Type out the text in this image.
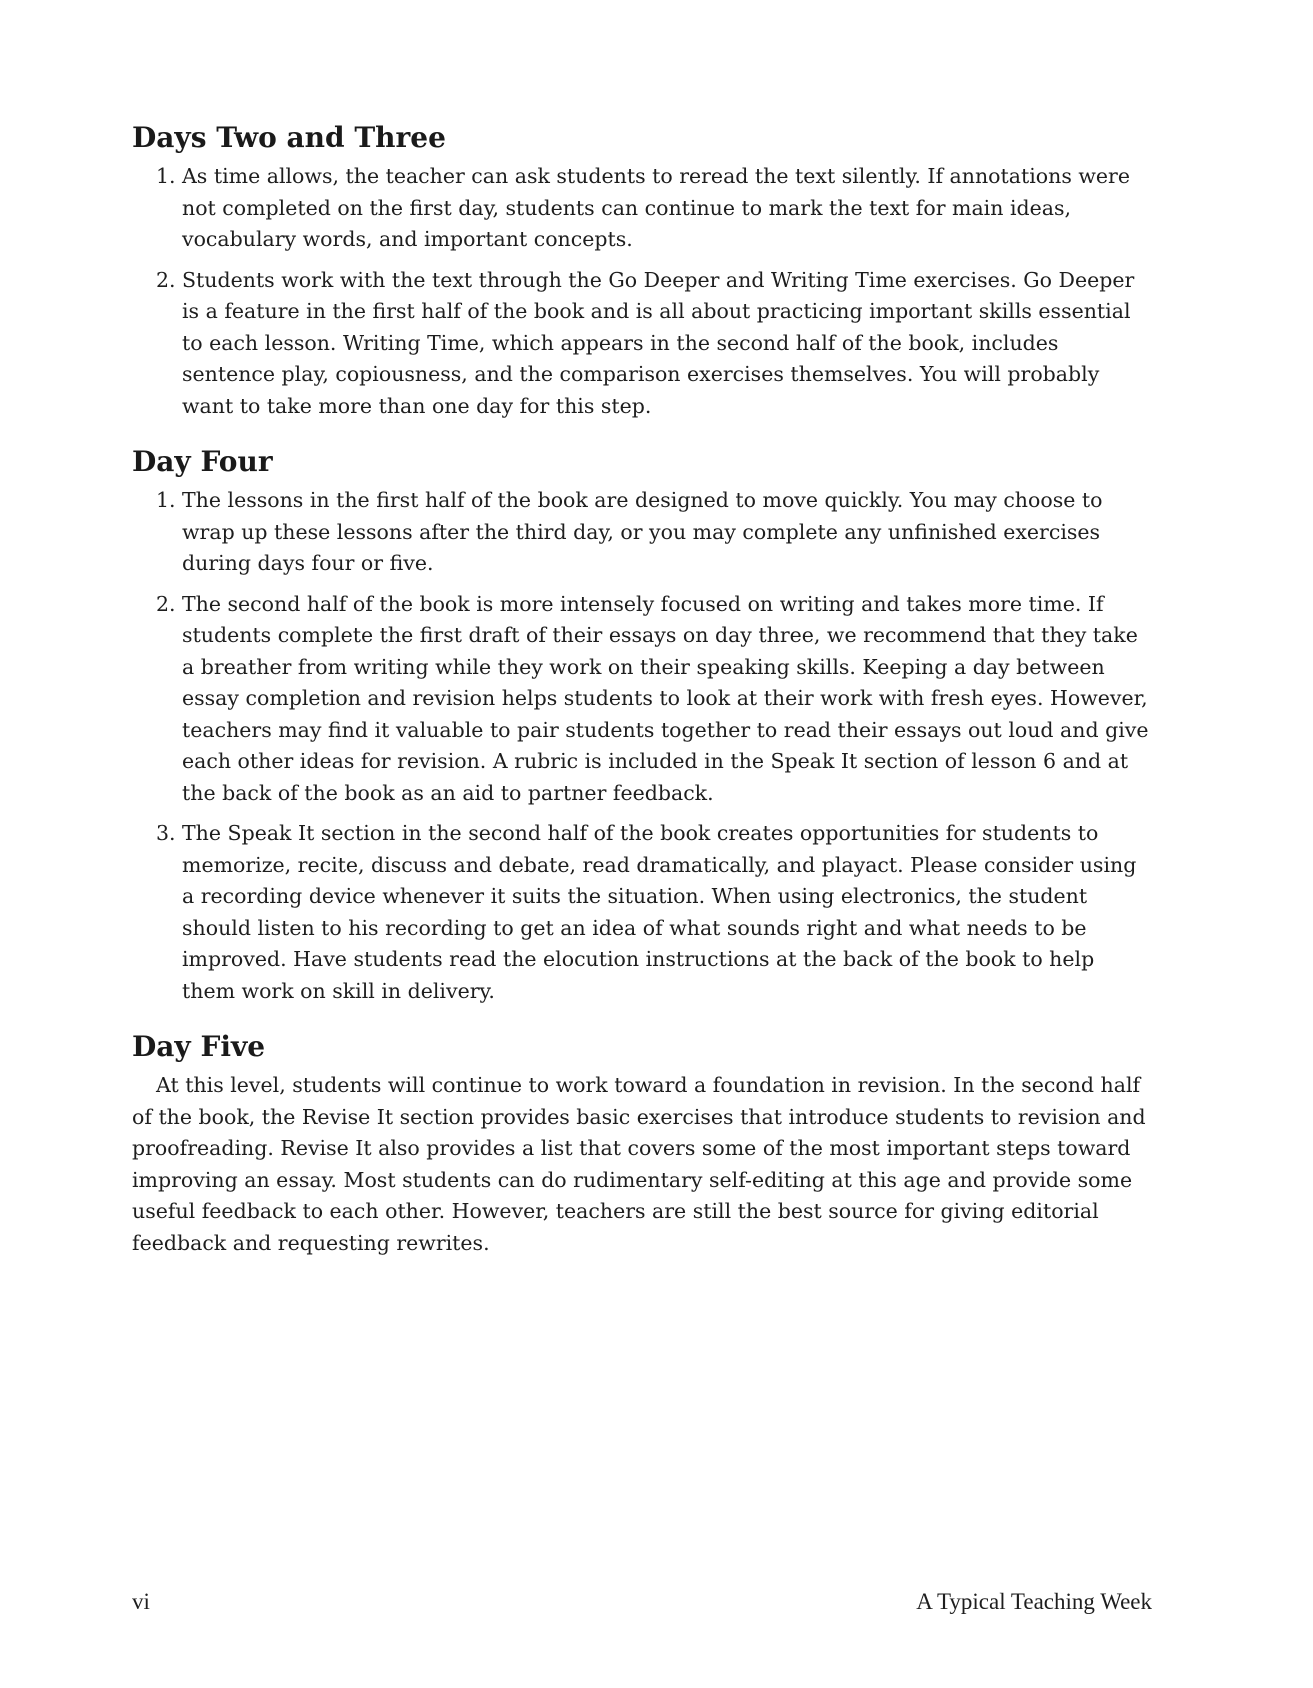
Days Two and Three
1. As time allows, the teacher can ask students to reread the text silently. If annotations were not completed on the first day, students can continue to mark the text for main ideas, vocabulary words, and important concepts.
2. Students work with the text through the Go Deeper and Writing Time exercises. Go Deeper is a feature in the first half of the book and is all about practicing important skills essential to each lesson. Writing Time, which appears in the second half of the book, includes sentence play, copiousness, and the comparison exercises themselves. You will probably want to take more than one day for this step.
Day Four
1. The lessons in the first half of the book are designed to move quickly. You may choose to wrap up these lessons after the third day, or you may complete any unfinished exercises during days four or five.
2. The second half of the book is more intensely focused on writing and takes more time. If students complete the first draft of their essays on day three, we recommend that they take a breather from writing while they work on their speaking skills. Keeping a day between essay completion and revision helps students to look at their work with fresh eyes. However, teachers may find it valuable to pair students together to read their essays out loud and give each other ideas for revision. A rubric is included in the Speak It section of lesson 6 and at the back of the book as an aid to partner feedback.
3. The Speak It section in the second half of the book creates opportunities for students to memorize, recite, discuss and debate, read dramatically, and playact. Please consider using a recording device whenever it suits the situation. When using electronics, the student should listen to his recording to get an idea of what sounds right and what needs to be improved. Have students read the elocution instructions at the back of the book to help them work on skill in delivery.
Day Five

At this level, students will continue to work toward a foundation in revision. In the second half of the book, the Revise It section provides basic exercises that introduce students to revision and proofreading. Revise It also provides a list that covers some of the most important steps toward improving an essay. Most students can do rudimentary self-editing at this age and provide some useful feedback to each other. However, teachers are still the best source for giving editorial feedback and requesting rewrites.

vi	A Typical Teaching Week
